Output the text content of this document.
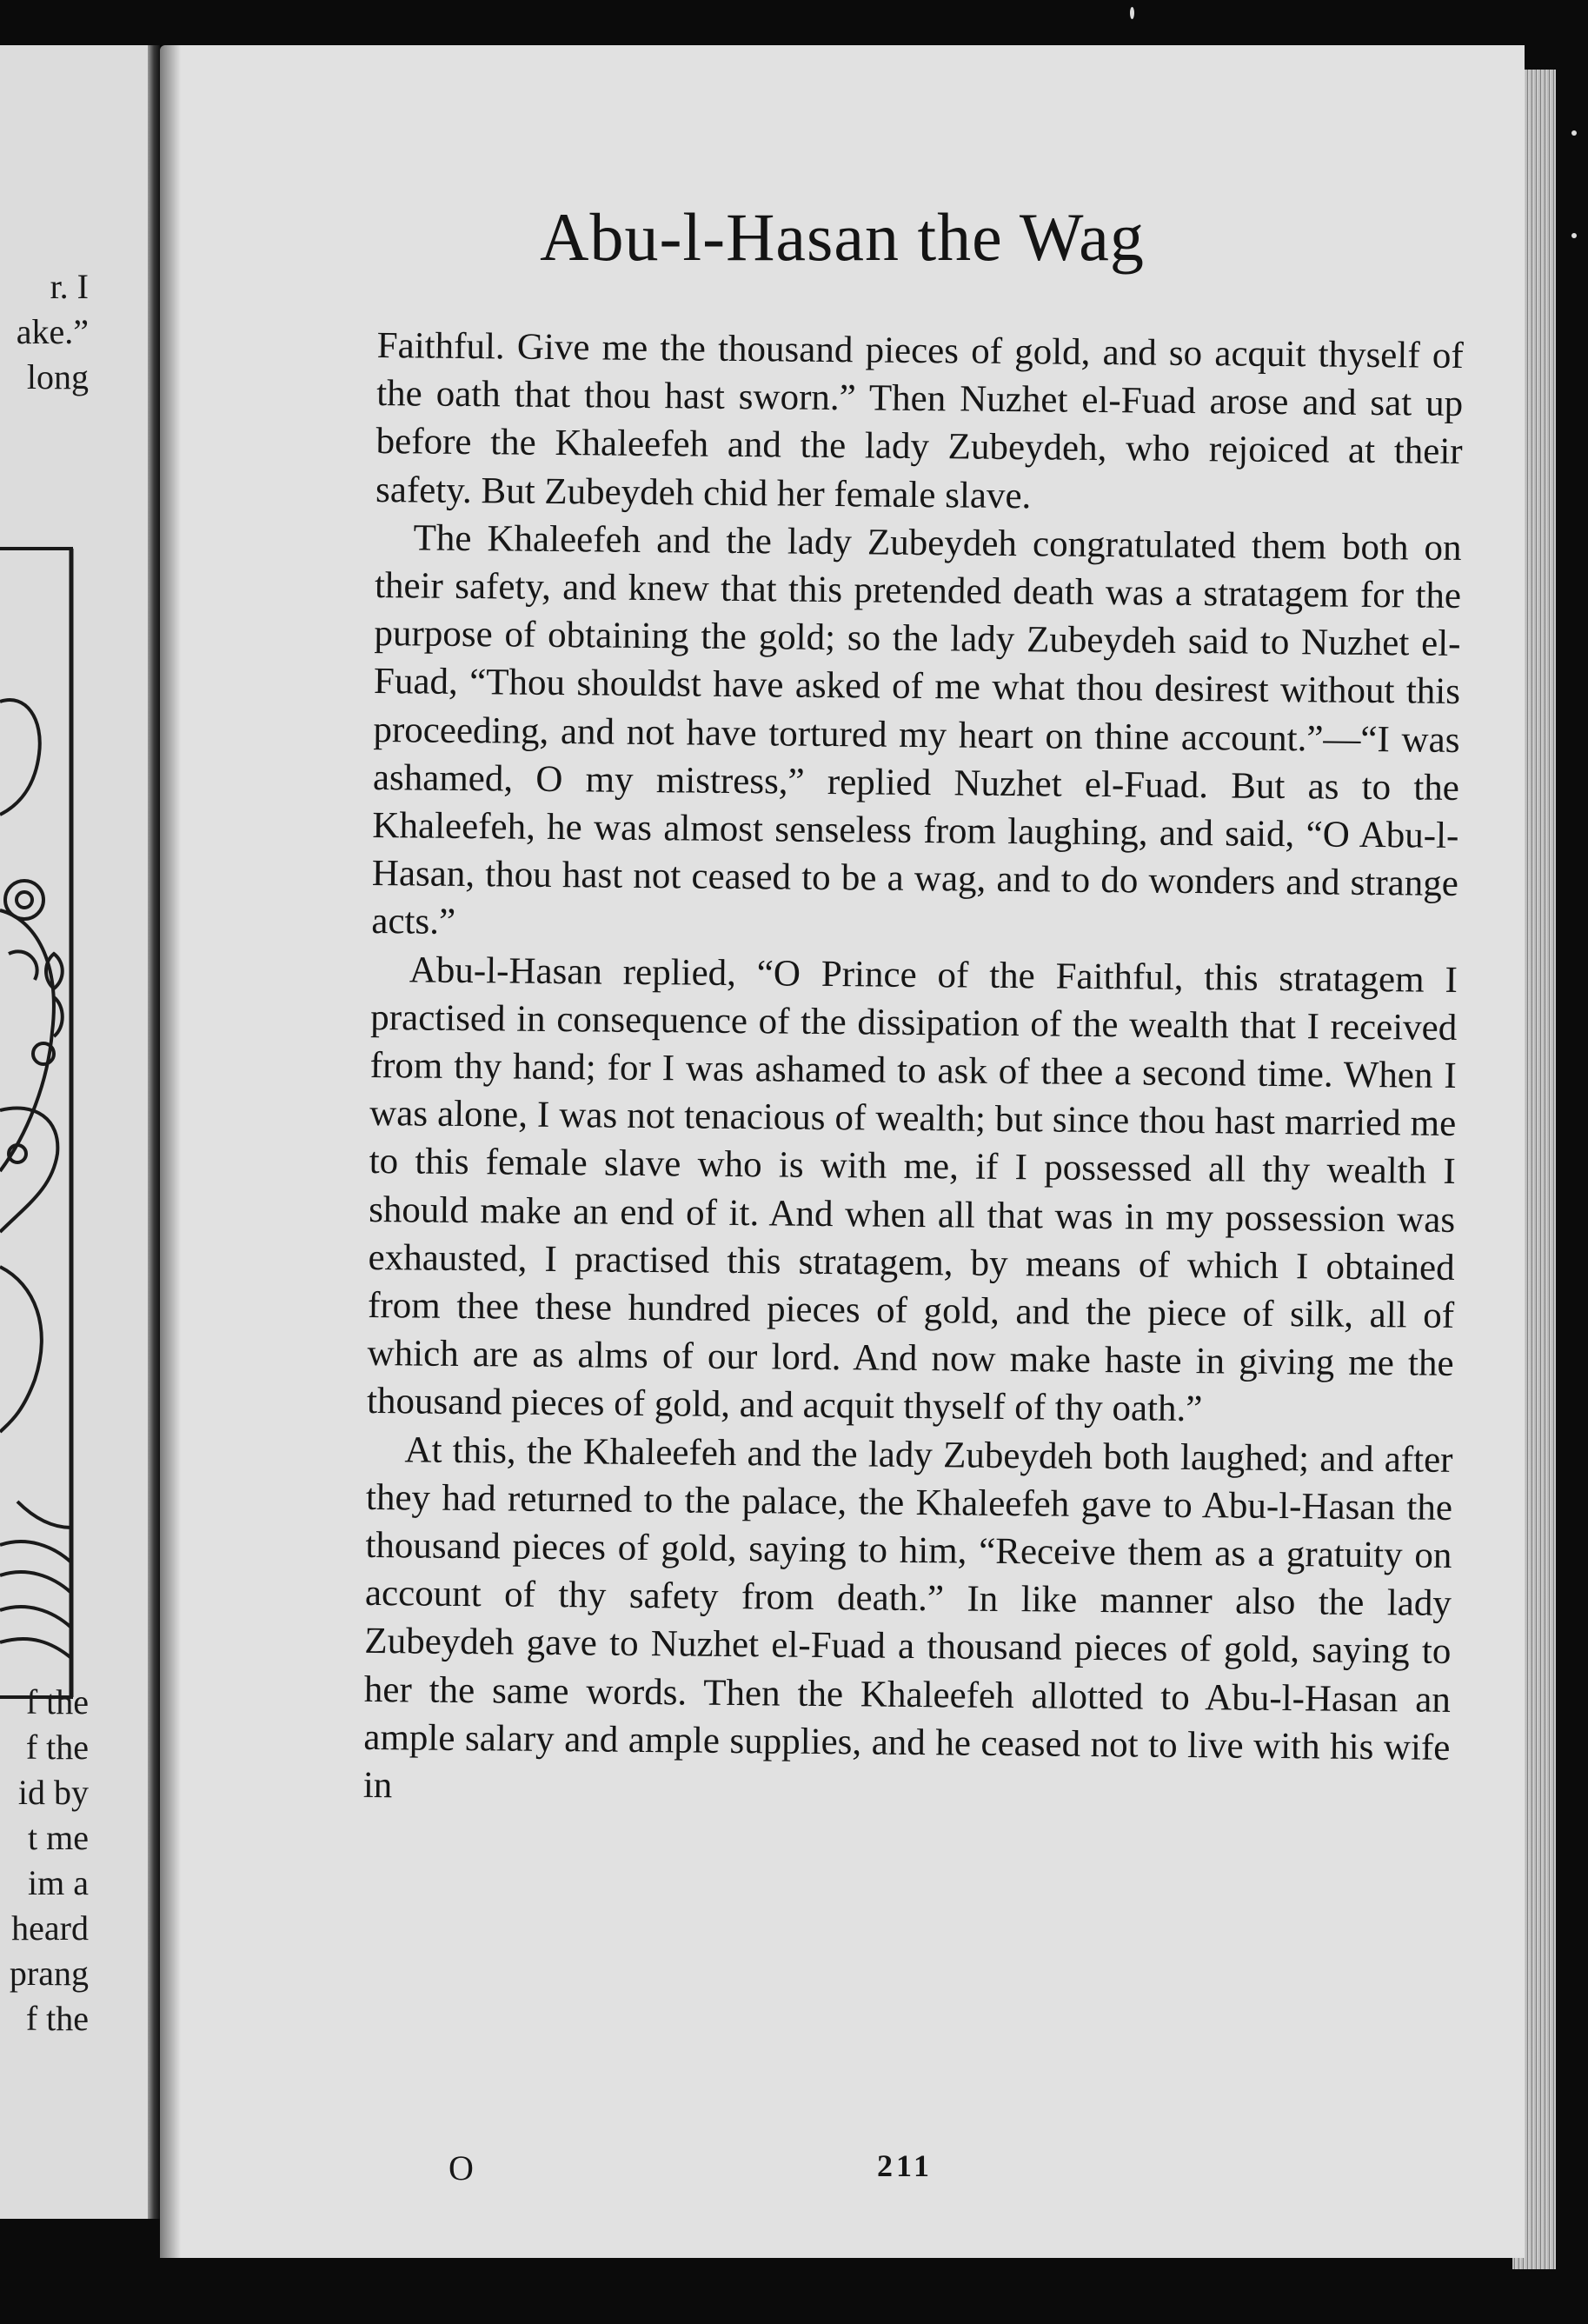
r. I
ake.”
long
f the
f the
id by
t me
im a
heard
prang
f the
Abu-l-Hasan the Wag

Faithful. Give me the thousand pieces of gold, and so acquit thyself of the oath that thou hast sworn.” Then Nuzhet el-Fuad arose and sat up before the Khaleefeh and the lady Zubeydeh, who rejoiced at their safety. But Zubeydeh chid her female slave.

The Khaleefeh and the lady Zubeydeh congratulated them both on their safety, and knew that this pretended death was a stratagem for the purpose of obtaining the gold; so the lady Zubeydeh said to Nuzhet el-Fuad, “Thou shouldst have asked of me what thou desirest without this proceeding, and not have tortured my heart on thine account.”—“I was ashamed, O my mistress,” replied Nuzhet el-Fuad. But as to the Khaleefeh, he was almost senseless from laughing, and said, “O Abu-l-Hasan, thou hast not ceased to be a wag, and to do wonders and strange acts.”

Abu-l-Hasan replied, “O Prince of the Faithful, this stratagem I practised in consequence of the dissipation of the wealth that I received from thy hand; for I was ashamed to ask of thee a second time. When I was alone, I was not tenacious of wealth; but since thou hast married me to this female slave who is with me, if I possessed all thy wealth I should make an end of it. And when all that was in my possession was exhausted, I practised this stratagem, by means of which I obtained from thee these hundred pieces of gold, and the piece of silk, all of which are as alms of our lord. And now make haste in giving me the thousand pieces of gold, and acquit thyself of thy oath.”

At this, the Khaleefeh and the lady Zubeydeh both laughed; and after they had returned to the palace, the Khaleefeh gave to Abu-l-Hasan the thousand pieces of gold, saying to him, “Receive them as a gratuity on account of thy safety from death.” In like manner also the lady Zubeydeh gave to Nuzhet el-Fuad a thousand pieces of gold, saying to her the same words. Then the Khaleefeh allotted to Abu-l-Hasan an ample salary and ample supplies, and he ceased not to live with his wife in

O	211
